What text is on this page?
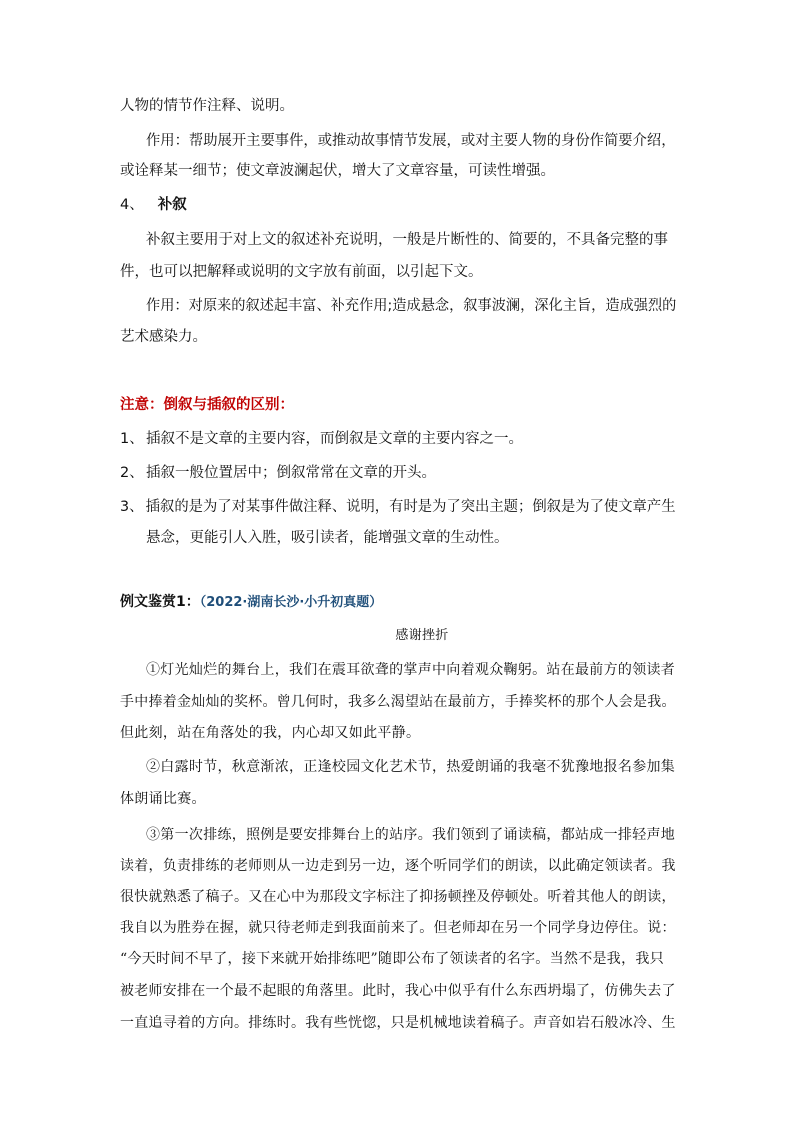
人物的情节作注释、说明。
作用：帮助展开主要事件，或推动故事情节发展，或对主要人物的身份作简要介绍，
或诠释某一细节；使文章波澜起伏，增大了文章容量，可读性增强。
4、 补叙
补叙主要用于对上文的叙述补充说明，一般是片断性的、简要的，不具备完整的事
件，也可以把解释或说明的文字放有前面，以引起下文。
作用：对原来的叙述起丰富、补充作用;造成悬念，叙事波澜，深化主旨，造成强烈的
艺术感染力。
注意：倒叙与插叙的区别：
1、 插叙不是文章的主要内容，而倒叙是文章的主要内容之一。
2、 插叙一般位置居中；倒叙常常在文章的开头。
3、 插叙的是为了对某事件做注释、说明，有时是为了突出主题；倒叙是为了使文章产生
悬念，更能引人入胜，吸引读者，能增强文章的生动性。
例文鉴赏1：（2022·湖南长沙·小升初真题）
感谢挫折
①灯光灿烂的舞台上，我们在震耳欲聋的掌声中向着观众鞠躬。站在最前方的领读者
手中捧着金灿灿的奖杯。曾几何时，我多么渴望站在最前方，手捧奖杯的那个人会是我。
但此刻，站在角落处的我，内心却又如此平静。
②白露时节，秋意渐浓，正逢校园文化艺术节，热爱朗诵的我毫不犹豫地报名参加集
体朗诵比赛。
③第一次排练，照例是要安排舞台上的站序。我们领到了诵读稿，都站成一排轻声地
读着，负责排练的老师则从一边走到另一边，逐个听同学们的朗读，以此确定领读者。我
很快就熟悉了稿子。又在心中为那段文字标注了抑扬顿挫及停顿处。听着其他人的朗读，
我自以为胜券在握，就只待老师走到我面前来了。但老师却在另一个同学身边停住。说：
“今天时间不早了，接下来就开始排练吧”随即公布了领读者的名字。当然不是我，我只
被老师安排在一个最不起眼的角落里。此时，我心中似乎有什么东西坍塌了，仿佛失去了
一直追寻着的方向。排练时。我有些恍惚，只是机械地读着稿子。声音如岩石般冰冷、生
